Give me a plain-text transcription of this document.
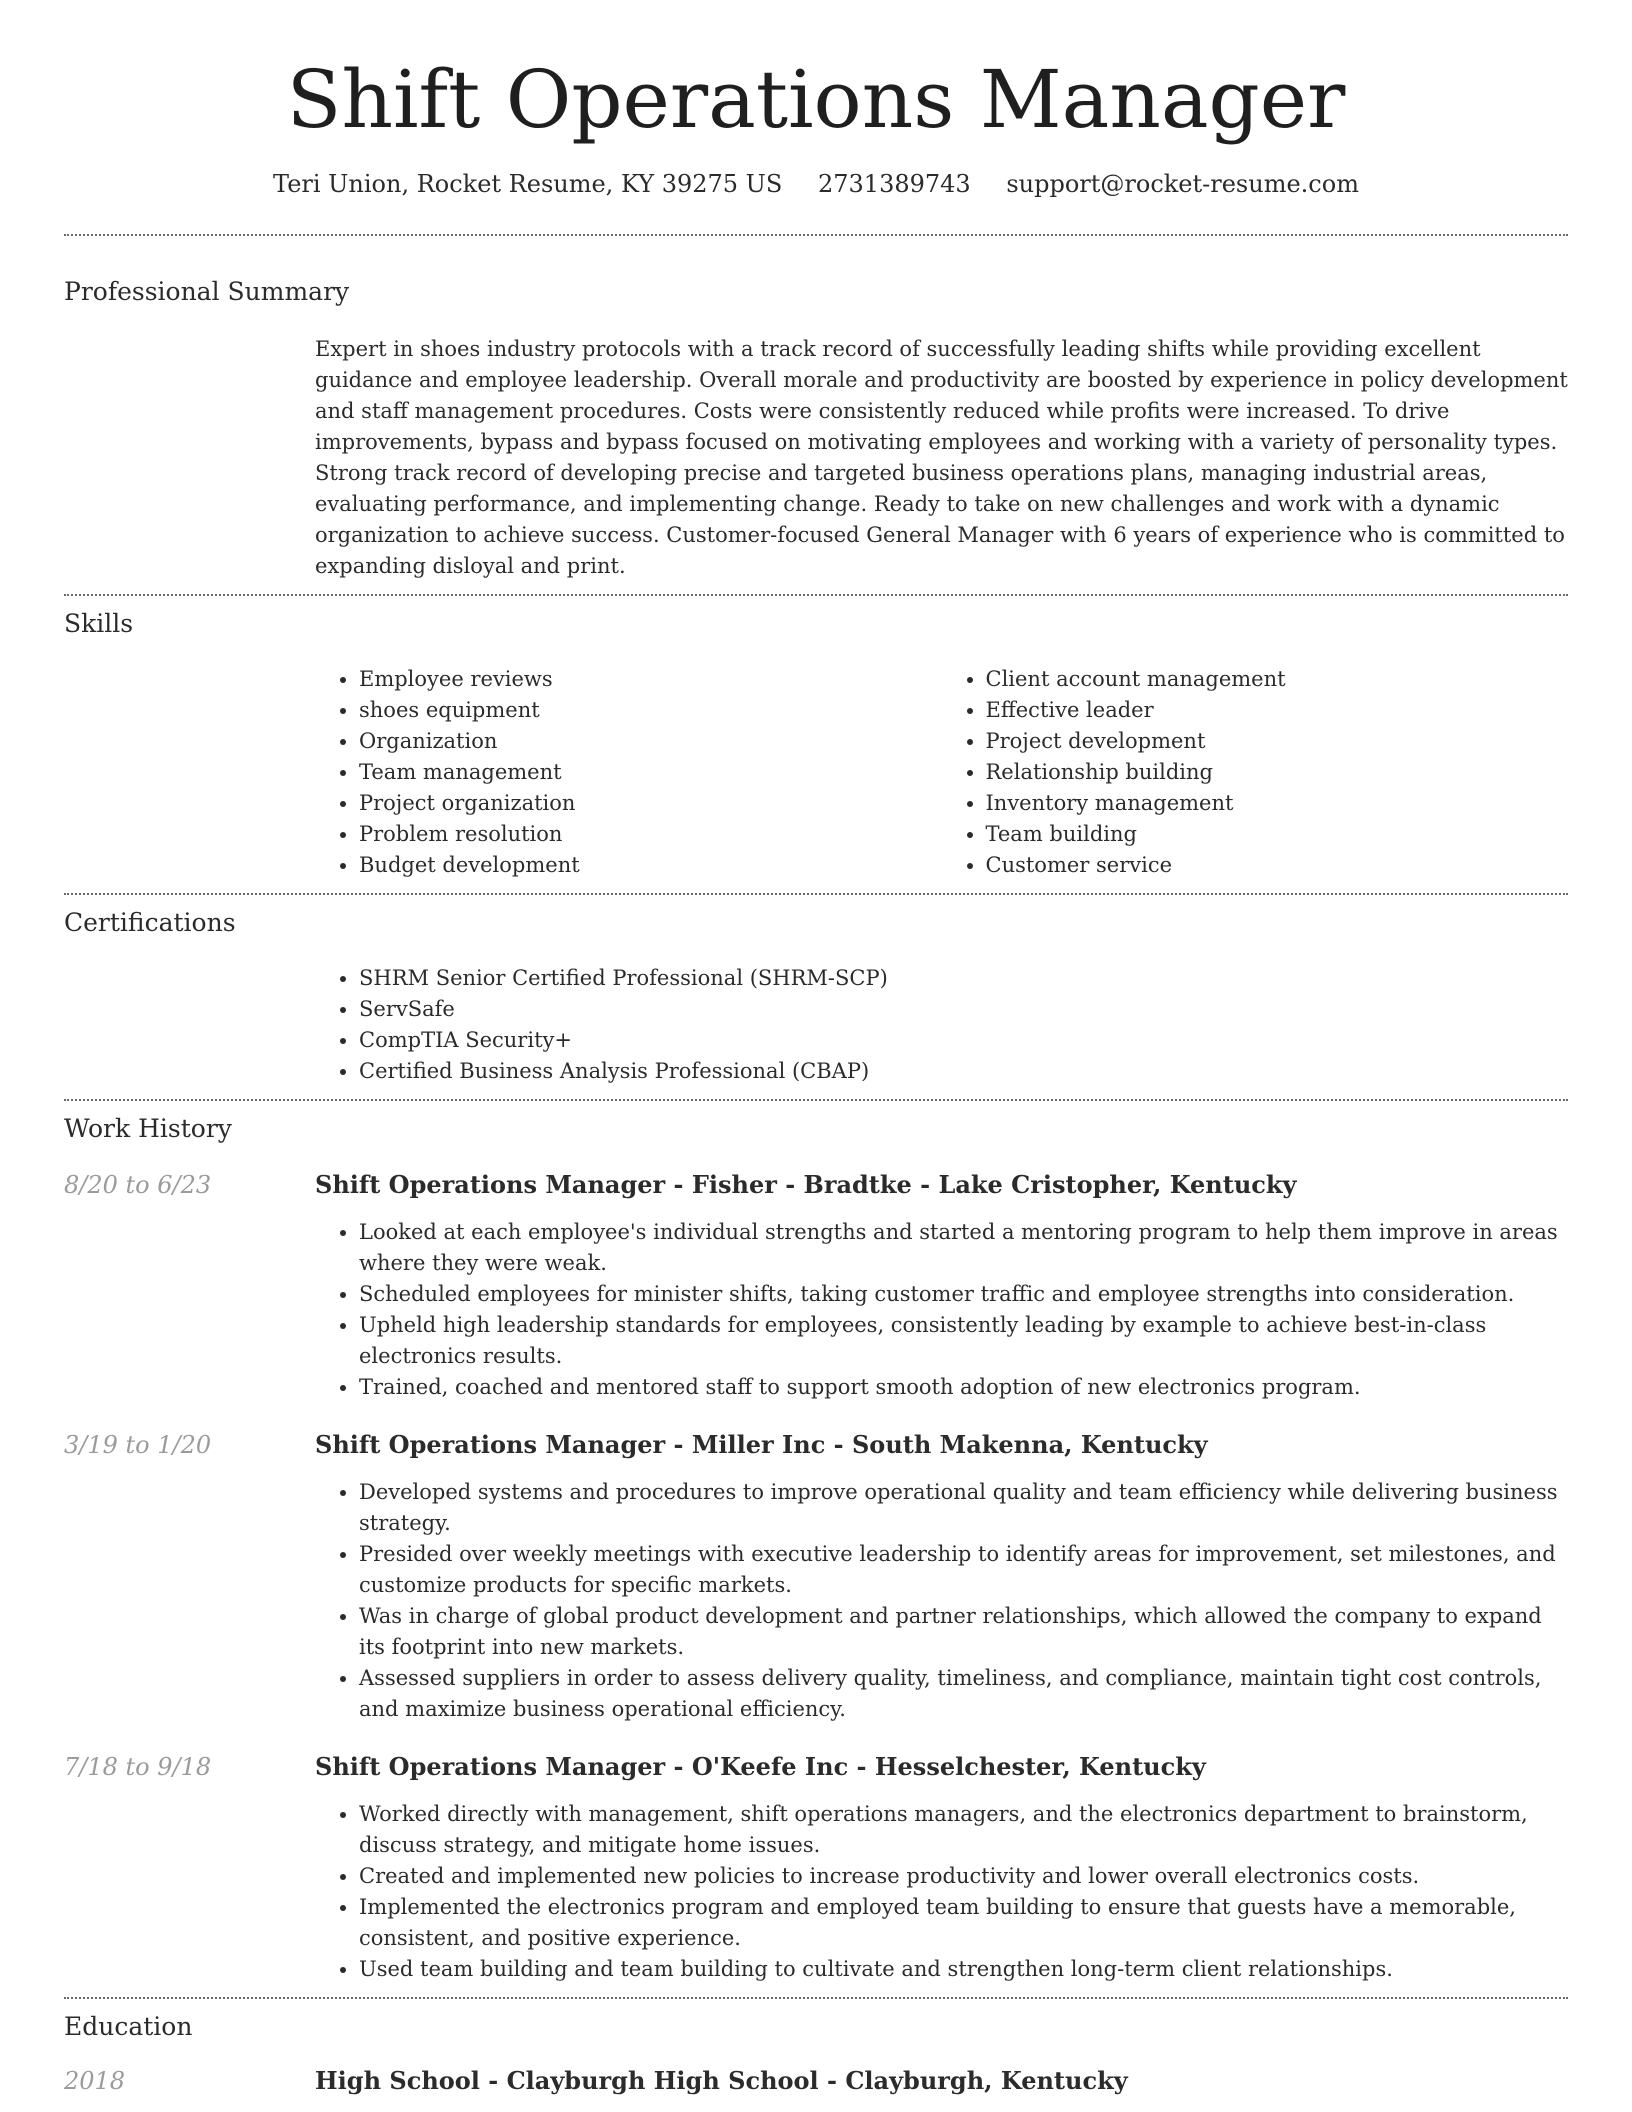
Shift Operations Manager
Teri Union, Rocket Resume, KY 39275 US 2731389743 support@rocket-resume.com
Professional Summary

Expert in shoes industry protocols with a track record of successfully leading shifts while providing excellent guidance and employee leadership. Overall morale and productivity are boosted by experience in policy development and staff management procedures. Costs were consistently reduced while profits were increased. To drive improvements, bypass and bypass focused on motivating employees and working with a variety of personality types. Strong track record of developing precise and targeted business operations plans, managing industrial areas, evaluating performance, and implementing change. Ready to take on new challenges and work with a dynamic organization to achieve success. Customer-focused General Manager with 6 years of experience who is committed to expanding disloyal and print.

Skills
• Employee reviews
• shoes equipment
• Organization
• Team management
• Project organization
• Problem resolution
• Budget development
• Client account management
• Effective leader
• Project development
• Relationship building
• Inventory management
• Team building
• Customer service
Certifications
• SHRM Senior Certified Professional (SHRM-SCP)
• ServSafe
• CompTIA Security+
• Certified Business Analysis Professional (CBAP)
Work History
8/20 to 6/23	Shift Operations Manager - Fisher - Bradtke - Lake Cristopher, Kentucky
• Looked at each employee's individual strengths and started a mentoring program to help them improve in areas where they were weak.
• Scheduled employees for minister shifts, taking customer traffic and employee strengths into consideration.
• Upheld high leadership standards for employees, consistently leading by example to achieve best-in-class electronics results.
• Trained, coached and mentored staff to support smooth adoption of new electronics program.
3/19 to 1/20	Shift Operations Manager - Miller Inc - South Makenna, Kentucky
• Developed systems and procedures to improve operational quality and team efficiency while delivering business strategy.
• Presided over weekly meetings with executive leadership to identify areas for improvement, set milestones, and customize products for specific markets.
• Was in charge of global product development and partner relationships, which allowed the company to expand its footprint into new markets.
• Assessed suppliers in order to assess delivery quality, timeliness, and compliance, maintain tight cost controls, and maximize business operational efficiency.
7/18 to 9/18	Shift Operations Manager - O'Keefe Inc - Hesselchester, Kentucky
• Worked directly with management, shift operations managers, and the electronics department to brainstorm, discuss strategy, and mitigate home issues.
• Created and implemented new policies to increase productivity and lower overall electronics costs.
• Implemented the electronics program and employed team building to ensure that guests have a memorable, consistent, and positive experience.
• Used team building and team building to cultivate and strengthen long-term client relationships.
Education
2018	High School - Clayburgh High School - Clayburgh, Kentucky
